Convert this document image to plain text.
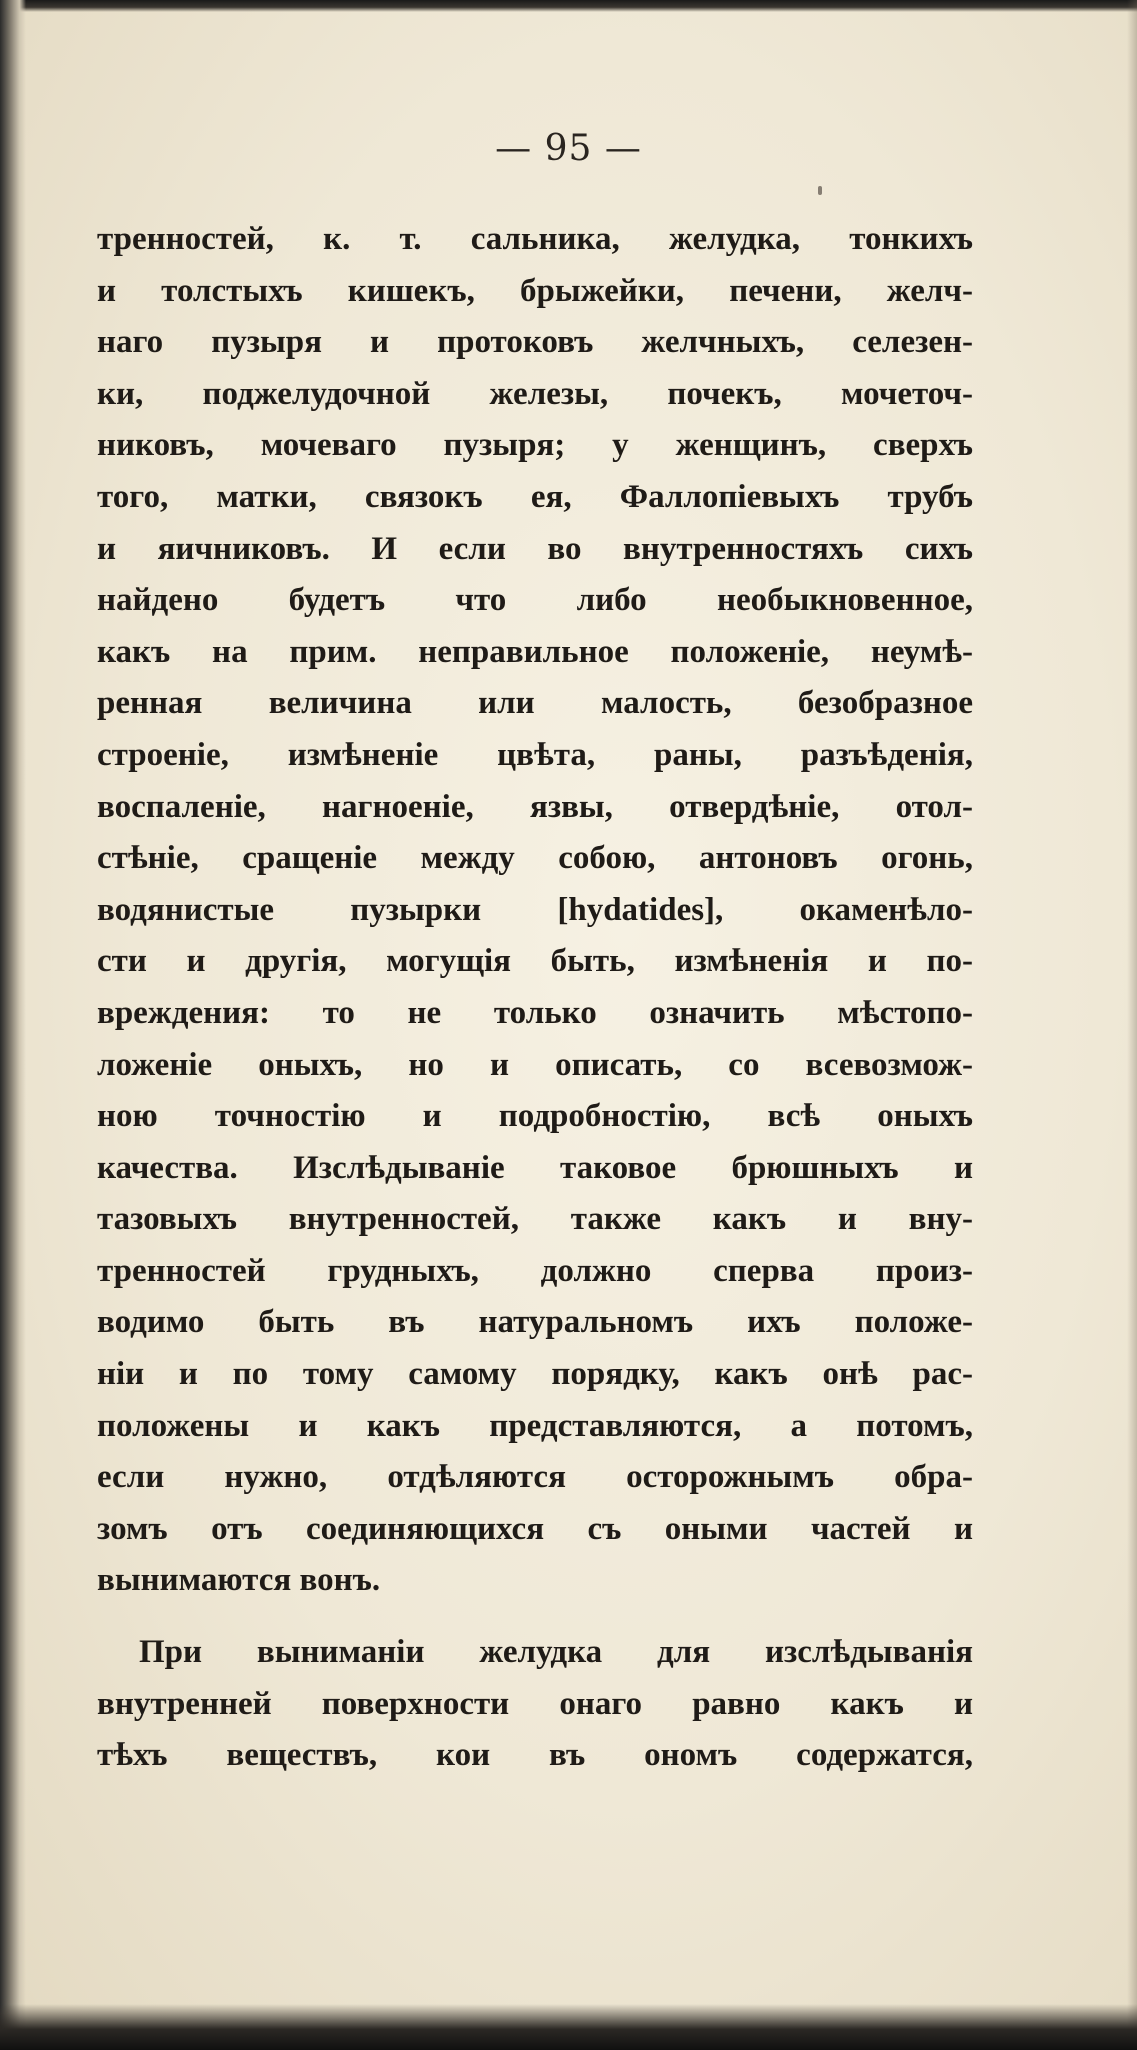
— 95 —
тренностей, к. т. сальника, желудка, тонкихъ
и толстыхъ кишекъ, брыжейки, печени, желч-
наго пузыря и протоковъ желчныхъ, селезен-
ки, поджелудочной железы, почекъ, мочеточ-
никовъ, мочеваго пузыря; у женщинъ, сверхъ
того, матки, связокъ ея, Фаллопіевыхъ трубъ
и яичниковъ. И если во внутренностяхъ сихъ
найдено будетъ что либо необыкновенное,
какъ на прим. неправильное положеніе, неумѣ-
ренная величина или малость, безобразное
строеніе, измѣненіе цвѣта, раны, разъѣденія,
воспаленіе, нагноеніе, язвы, отвердѣніе, отол-
стѣніе, сращеніе между собою, антоновъ огонь,
водянистые пузырки [hydatides], окаменѣло-
сти и другія, могущія быть, измѣненія и по-
вреждения: то не только означить мѣстопо-
ложеніе оныхъ, но и описать, со всевозмож-
ною точностію и подробностію, всѣ оныхъ
качества. Изслѣдываніе таковое брюшныхъ и
тазовыхъ внутренностей, также какъ и вну-
тренностей грудныхъ, должно сперва произ-
водимо быть въ натуральномъ ихъ положе-
ніи и по тому самому порядку, какъ онѣ рас-
положены и какъ представляются, а потомъ,
если нужно, отдѣляются осторожнымъ обра-
зомъ отъ соединяющихся съ оными частей и
вынимаются вонъ.
При выниманіи желудка для изслѣдыванія
внутренней поверхности онаго равно какъ и
тѣхъ веществъ, кои въ ономъ содержатся,
